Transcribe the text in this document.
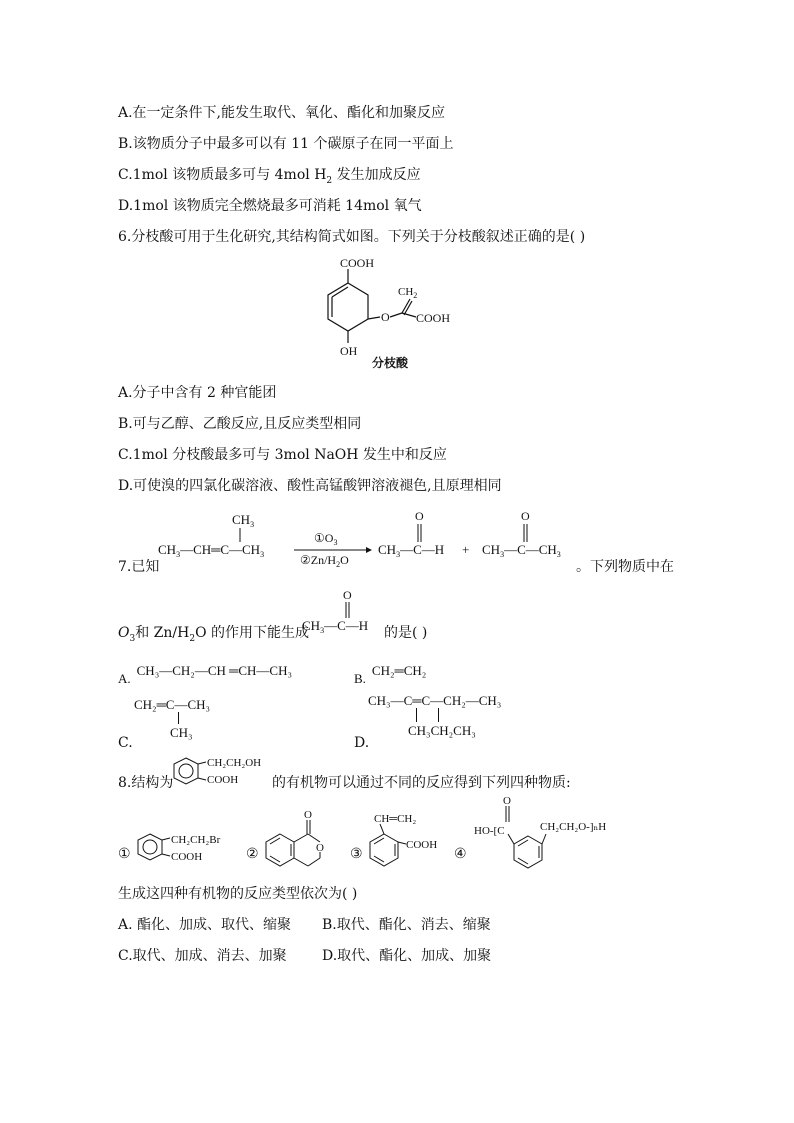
A.在一定条件下,能发生取代、氧化、酯化和加聚反应
B.该物质分子中最多可以有 11 个碳原子在同一平面上
C.1mol 该物质最多可与 4mol $H_2$ 发生加成反应
D.1mol 该物质完全燃烧最多可消耗 14mol 氧气
6.分枝酸可用于生化研究,其结构简式如图。下列关于分枝酸叙述正确的是( )
COOH
$CH_2$
O COOH
OH
分枝酸
A.分子中含有 2 种官能团
B.可与乙醇、乙酸反应,且反应类型相同
C.1mol 分枝酸最多可与 3mol NaOH 发生中和反应
D.可使溴的四氯化碳溶液、酸性高锰酸钾溶液褪色,且原理相同
7.已知
$CH_3—CH═C—CH_3$
$CH_3$
$①O_3$
②Zn/$H_2O$
$CH_3—C—H$
O
+ $CH_3—C—CH_3$
O
。下列物质中在
$O_3$和 $Zn/H_2O$ 的作用下能生成
$CH_3—C—H$
O
的是( )
A.CH₃—CH₂—CH ═CH—CH₃
B.CH₂═CH₂
CH₂═C—CH₃
CH₃
C.
CH₃—C═C—CH₂—CH₃
CH₃CH₂CH₃
D.
8.结构为
CH₂CH₂OH
COOH 的有机物可以通过不同的反应得到下列四种物质:
①
CH₂CH₂Br
COOH	②
O
O ③
CH═CH₂
COOH
④
O
HO-[C	CH₂CH₂O-]ₙH
生成这四种有机物的反应类型依次为( )
A. 酯化、加成、取代、缩聚 B.取代、酯化、消去、缩聚
C.取代、加成、消去、加聚	D.取代、酯化、加成、加聚
